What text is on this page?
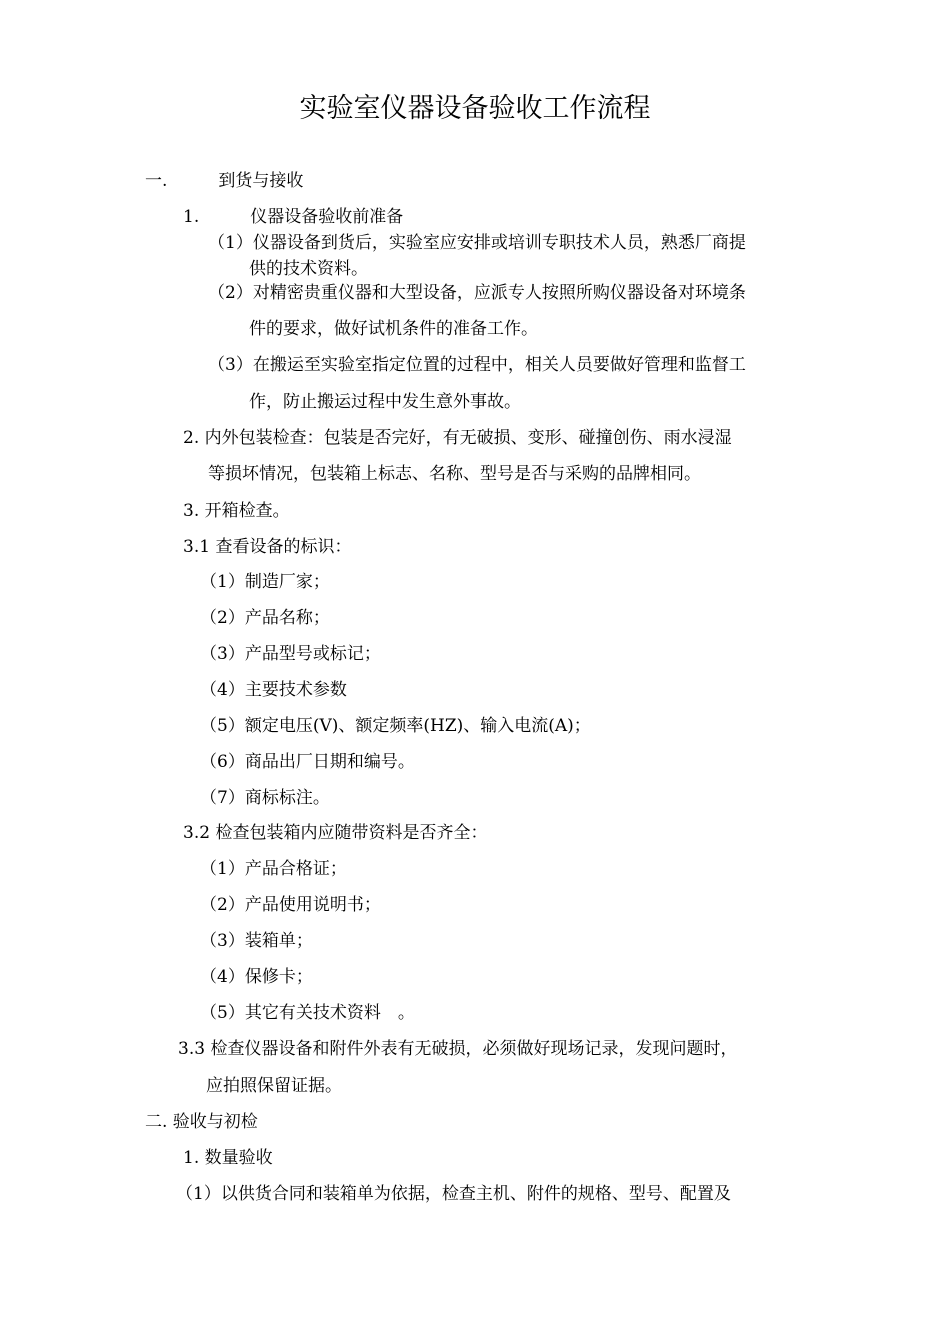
实验室仪器设备验收工作流程
一.　　　到货与接收
1.　　　仪器设备验收前准备
（1）仪器设备到货后，实验室应安排或培训专职技术人员，熟悉厂商提
供的技术资料。
（2）对精密贵重仪器和大型设备，应派专人按照所购仪器设备对环境条
件的要求，做好试机条件的准备工作。
（3）在搬运至实验室指定位置的过程中，相关人员要做好管理和监督工
作，防止搬运过程中发生意外事故。
2. 内外包装检查：包装是否完好，有无破损、变形、碰撞创伤、雨水浸湿
等损坏情况，包装箱上标志、名称、型号是否与采购的品牌相同。
3. 开箱检查。
3.1 查看设备的标识：
（1）制造厂家；
（2）产品名称；
（3）产品型号或标记；
（4）主要技术参数
（5）额定电压(V)、额定频率(HZ)、输入电流(A)；
（6）商品出厂日期和编号。
（7）商标标注。
3.2 检查包装箱内应随带资料是否齐全：
（1）产品合格证；
（2）产品使用说明书；
（3）装箱单；
（4）保修卡；
（5）其它有关技术资料　。
3.3 检查仪器设备和附件外表有无破损，必须做好现场记录，发现问题时，
应拍照保留证据。
二. 验收与初检
1. 数量验收
（1）以供货合同和装箱单为依据，检查主机、附件的规格、型号、配置及
